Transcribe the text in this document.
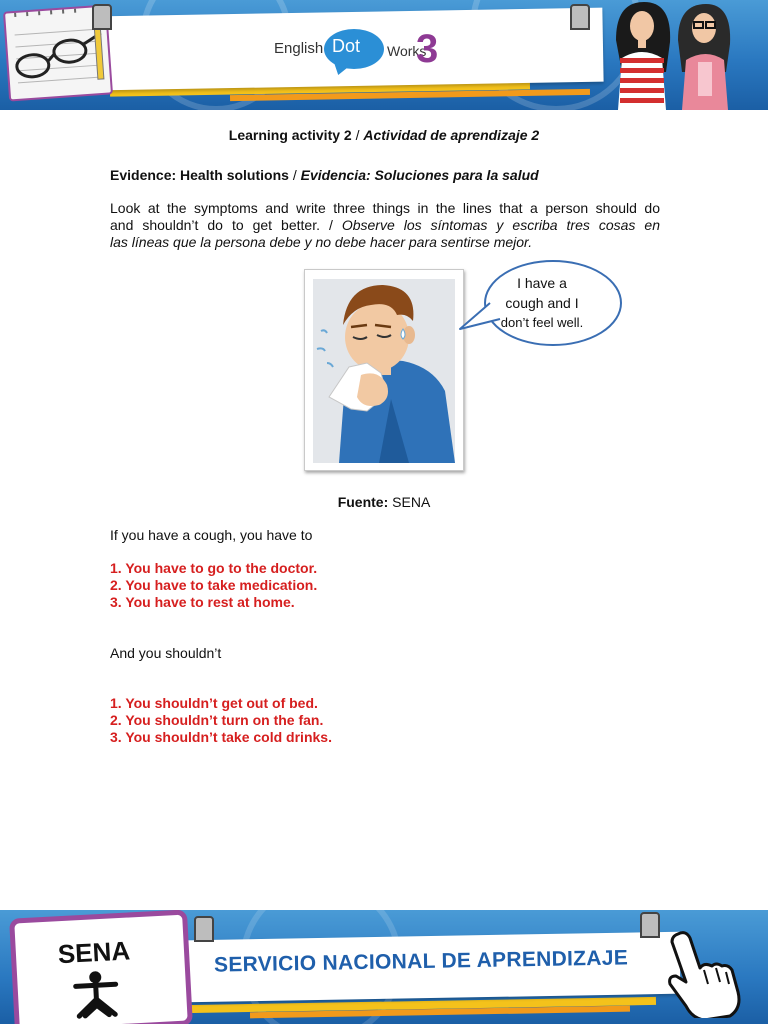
English Dot Works
3
Learning activity 2 / Actividad de aprendizaje 2
Evidence: Health solutions / Evidencia: Soluciones para la salud
Look at the symptoms and write three things in the lines that a person should do
and shouldn’t do to get better. / Observe los síntomas y escriba tres cosas en
las líneas que la persona debe y no debe hacer para sentirse mejor.
I have a
cough and I
don’t feel well.
Fuente: SENA
If you have a cough, you have to
1. You have to go to the doctor.
2. You have to take medication.
3. You have to rest at home.
And you shouldn’t
1. You shouldn’t get out of bed.
2. You shouldn’t turn on the fan.
3. You shouldn’t take cold drinks.
SERVICIO NACIONAL DE APRENDIZAJE
SENA
